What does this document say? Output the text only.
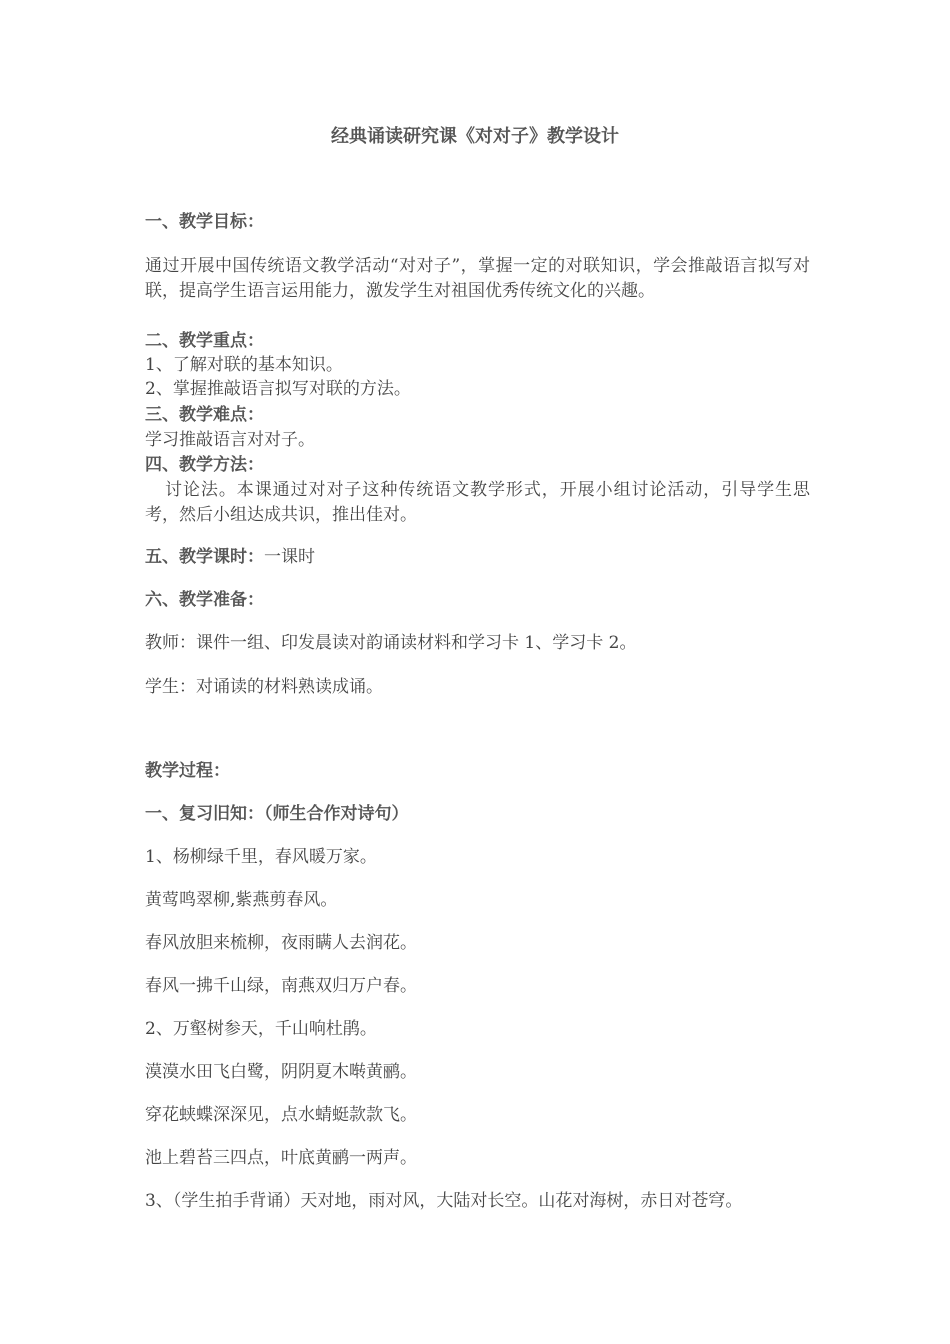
经典诵读研究课《对对子》教学设计
一、教学目标：
通过开展中国传统语文教学活动“对对子”，掌握一定的对联知识，学会推敲语言拟写对联，提高学生语言运用能力，激发学生对祖国优秀传统文化的兴趣。
二、教学重点：
1、了解对联的基本知识。
2、掌握推敲语言拟写对联的方法。
三、教学难点：
学习推敲语言对对子。
四、教学方法：
讨论法。本课通过对对子这种传统语文教学形式，开展小组讨论活动，引导学生思考，然后小组达成共识，推出佳对。
五、教学课时：一课时
六、教学准备：
教师：课件一组、印发晨读对韵诵读材料和学习卡 1、学习卡 2。
学生：对诵读的材料熟读成诵。
教学过程：
一、复习旧知：（师生合作对诗句）
1、杨柳绿千里，春风暖万家。
黄莺鸣翠柳,紫燕剪春风。
春风放胆来梳柳，夜雨瞒人去润花。
春风一拂千山绿，南燕双归万户春。
2、万壑树参天，千山响杜鹃。
漠漠水田飞白鹭，阴阴夏木啭黄鹂。
穿花蛱蝶深深见，点水蜻蜓款款飞。
池上碧苔三四点，叶底黄鹂一两声。
3、（学生拍手背诵）天对地，雨对风，大陆对长空。山花对海树，赤日对苍穹。
